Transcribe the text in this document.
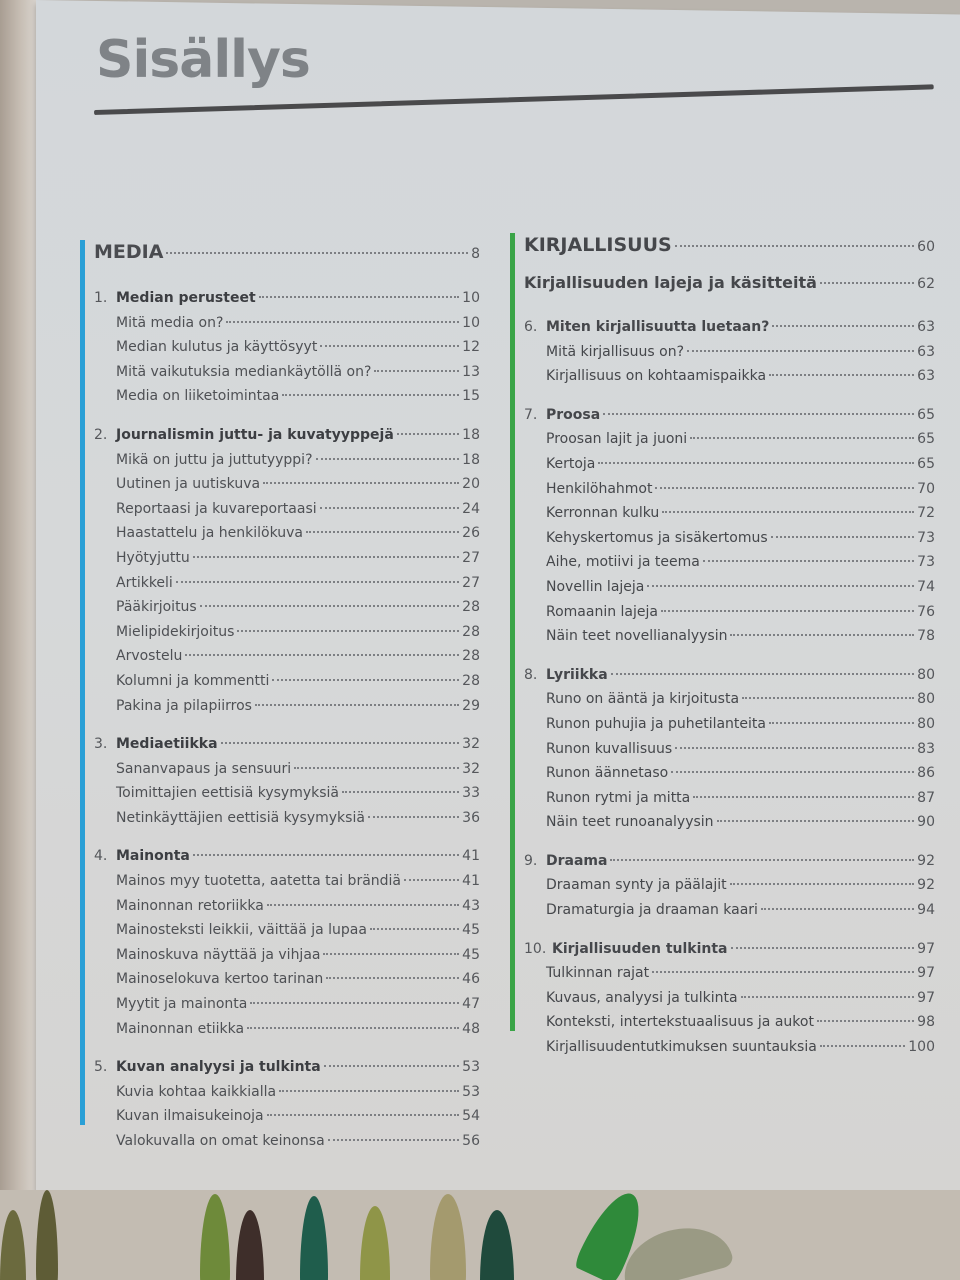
Sisällys
MEDIA	8
1. Median perusteet	10
Mitä media on?	10
Median kulutus ja käyttösyyt	12
Mitä vaikutuksia mediankäytöllä on?	13
Media on liiketoimintaa	15
2. Journalismin juttu- ja kuvatyyppejä	18
Mikä on juttu ja juttutyyppi?	18
Uutinen ja uutiskuva	20
Reportaasi ja kuvareportaasi	24
Haastattelu ja henkilökuva	26
Hyötyjuttu	27
Artikkeli	27
Pääkirjoitus	28
Mielipidekirjoitus	28
Arvostelu	28
Kolumni ja kommentti	28
Pakina ja pilapiirros	29
3. Mediaetiikka	32
Sananvapaus ja sensuuri	32
Toimittajien eettisiä kysymyksiä	33
Netinkäyttäjien eettisiä kysymyksiä	36
4. Mainonta	41
Mainos myy tuotetta, aatetta tai brändiä	41
Mainonnan retoriikka	43
Mainosteksti leikkii, väittää ja lupaa	45
Mainoskuva näyttää ja vihjaa	45
Mainoselokuva kertoo tarinan	46
Myytit ja mainonta	47
Mainonnan etiikka	48
5. Kuvan analyysi ja tulkinta	53
Kuvia kohtaa kaikkialla	53
Kuvan ilmaisukeinoja	54
Valokuvalla on omat keinonsa	56
KIRJALLISUUS	60
Kirjallisuuden lajeja ja käsitteitä	62
6. Miten kirjallisuutta luetaan?	63
Mitä kirjallisuus on?	63
Kirjallisuus on kohtaamispaikka	63
7. Proosa	65
Proosan lajit ja juoni	65
Kertoja	65
Henkilöhahmot	70
Kerronnan kulku	72
Kehyskertomus ja sisäkertomus	73
Aihe, motiivi ja teema	73
Novellin lajeja	74
Romaanin lajeja	76
Näin teet novellianalyysin	78
8. Lyriikka	80
Runo on ääntä ja kirjoitusta	80
Runon puhujia ja puhetilanteita	80
Runon kuvallisuus	83
Runon äännetaso	86
Runon rytmi ja mitta	87
Näin teet runoanalyysin	90
9. Draama	92
Draaman synty ja päälajit	92
Dramaturgia ja draaman kaari	94
10. Kirjallisuuden tulkinta	97
Tulkinnan rajat	97
Kuvaus, analyysi ja tulkinta	97
Konteksti, intertekstuaalisuus ja aukot	98
Kirjallisuudentutkimuksen suuntauksia	100
